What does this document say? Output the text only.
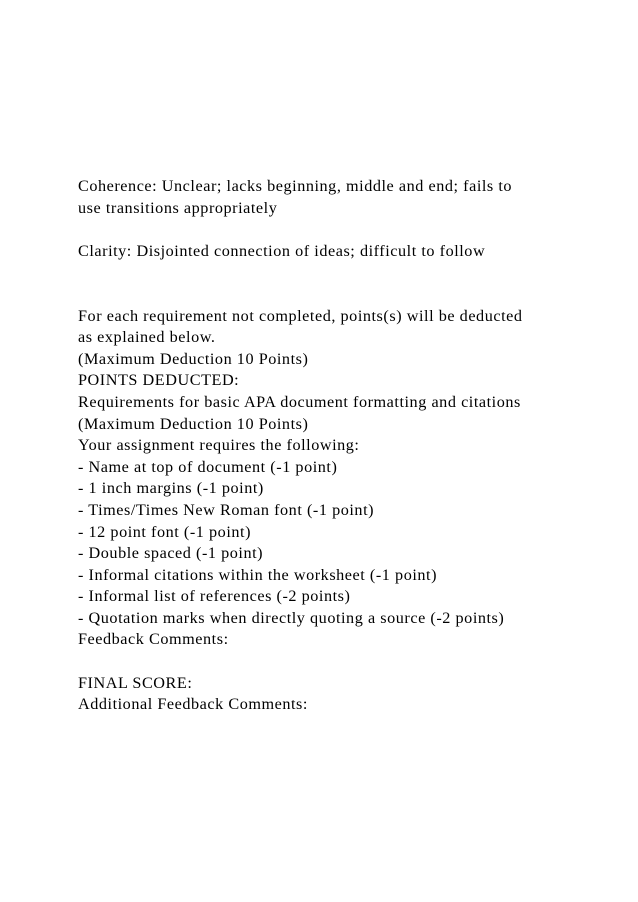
Coherence: Unclear; lacks beginning, middle and end; fails to
use transitions appropriately
Clarity: Disjointed connection of ideas; difficult to follow
For each requirement not completed, points(s) will be deducted
as explained below.
(Maximum Deduction 10 Points)
POINTS DEDUCTED:
Requirements for basic APA document formatting and citations
(Maximum Deduction 10 Points)
Your assignment requires the following:
- Name at top of document (-1 point)
- 1 inch margins (-1 point)
- Times/Times New Roman font (-1 point)
- 12 point font (-1 point)
- Double spaced (-1 point)
- Informal citations within the worksheet (-1 point)
- Informal list of references (-2 points)
- Quotation marks when directly quoting a source (-2 points)
Feedback Comments:
FINAL SCORE:
Additional Feedback Comments:
